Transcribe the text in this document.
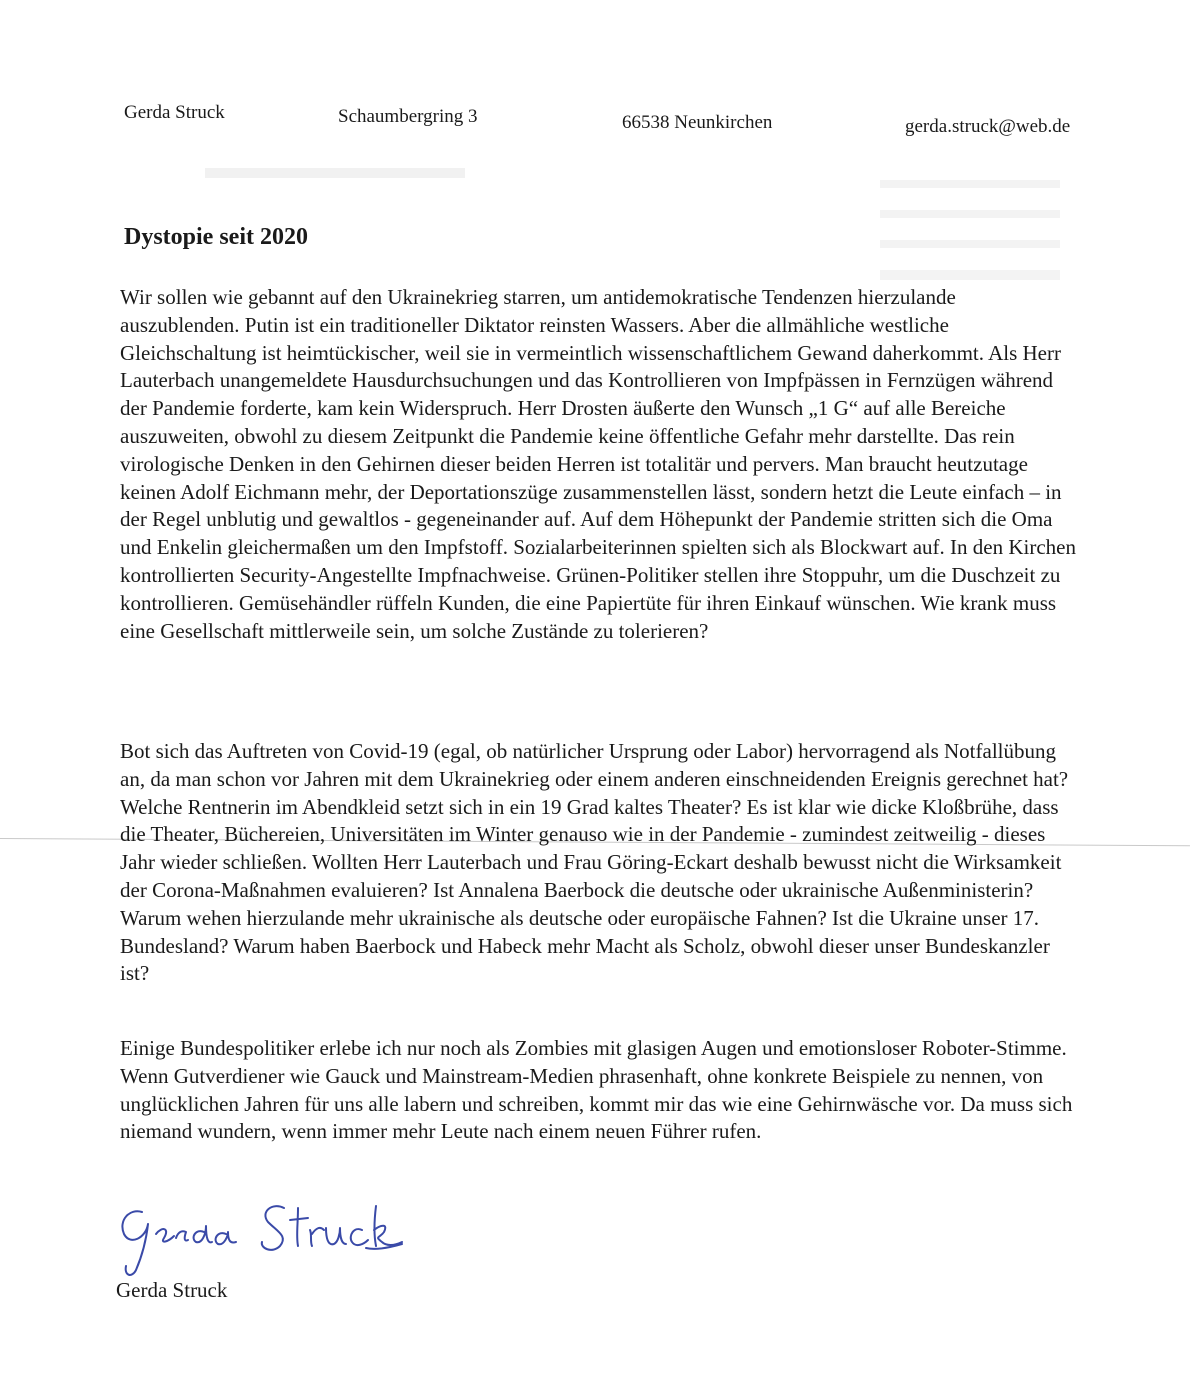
Gerda Struck	Schaumbergring 3	66538 Neunkirchen	gerda.struck@web.de
Dystopie seit 2020

Wir sollen wie gebannt auf den Ukrainekrieg starren, um antidemokratische Tendenzen hierzulande auszublenden. Putin ist ein traditioneller Diktator reinsten Wassers. Aber die allmähliche westliche Gleichschaltung ist heimtückischer, weil sie in vermeintlich wissenschaftlichem Gewand daherkommt. Als Herr Lauterbach unangemeldete Hausdurchsuchungen und das Kontrollieren von Impfpässen in Fernzügen während der Pandemie forderte, kam kein Widerspruch. Herr Drosten äußerte den Wunsch „1 G“ auf alle Bereiche auszuweiten, obwohl zu diesem Zeitpunkt die Pandemie keine öffentliche Gefahr mehr darstellte. Das rein virologische Denken in den Gehirnen dieser beiden Herren ist totalitär und pervers. Man braucht heutzutage keinen Adolf Eichmann mehr, der Deportationszüge zusammenstellen lässt, sondern hetzt die Leute einfach – in der Regel unblutig und gewaltlos - gegeneinander auf. Auf dem Höhepunkt der Pandemie stritten sich die Oma und Enkelin gleichermaßen um den Impfstoff. Sozialarbeiterinnen spielten sich als Blockwart auf. In den Kirchen kontrollierten Security-Angestellte Impfnachweise. Grünen-Politiker stellen ihre Stoppuhr, um die Duschzeit zu kontrollieren. Gemüsehändler rüffeln Kunden, die eine Papiertüte für ihren Einkauf wünschen. Wie krank muss eine Gesellschaft mittlerweile sein, um solche Zustände zu tolerieren?

Bot sich das Auftreten von Covid-19 (egal, ob natürlicher Ursprung oder Labor) hervorragend als Notfallübung an, da man schon vor Jahren mit dem Ukrainekrieg oder einem anderen einschneidenden Ereignis gerechnet hat? Welche Rentnerin im Abendkleid setzt sich in ein 19 Grad kaltes Theater? Es ist klar wie dicke Kloßbrühe, dass die Theater, Büchereien, Universitäten im Winter genauso wie in der Pandemie - zumindest zeitweilig - dieses Jahr wieder schließen. Wollten Herr Lauterbach und Frau Göring-Eckart deshalb bewusst nicht die Wirksamkeit der Corona-Maßnahmen evaluieren? Ist Annalena Baerbock die deutsche oder ukrainische Außenministerin? Warum wehen hierzulande mehr ukrainische als deutsche oder europäische Fahnen? Ist die Ukraine unser 17. Bundesland? Warum haben Baerbock und Habeck mehr Macht als Scholz, obwohl dieser unser Bundeskanzler ist?

Einige Bundespolitiker erlebe ich nur noch als Zombies mit glasigen Augen und emotionsloser Roboter-Stimme. Wenn Gutverdiener wie Gauck und Mainstream-Medien phrasenhaft, ohne konkrete Beispiele zu nennen, von unglücklichen Jahren für uns alle labern und schreiben, kommt mir das wie eine Gehirnwäsche vor. Da muss sich niemand wundern, wenn immer mehr Leute nach einem neuen Führer rufen.

Gerda Struck
